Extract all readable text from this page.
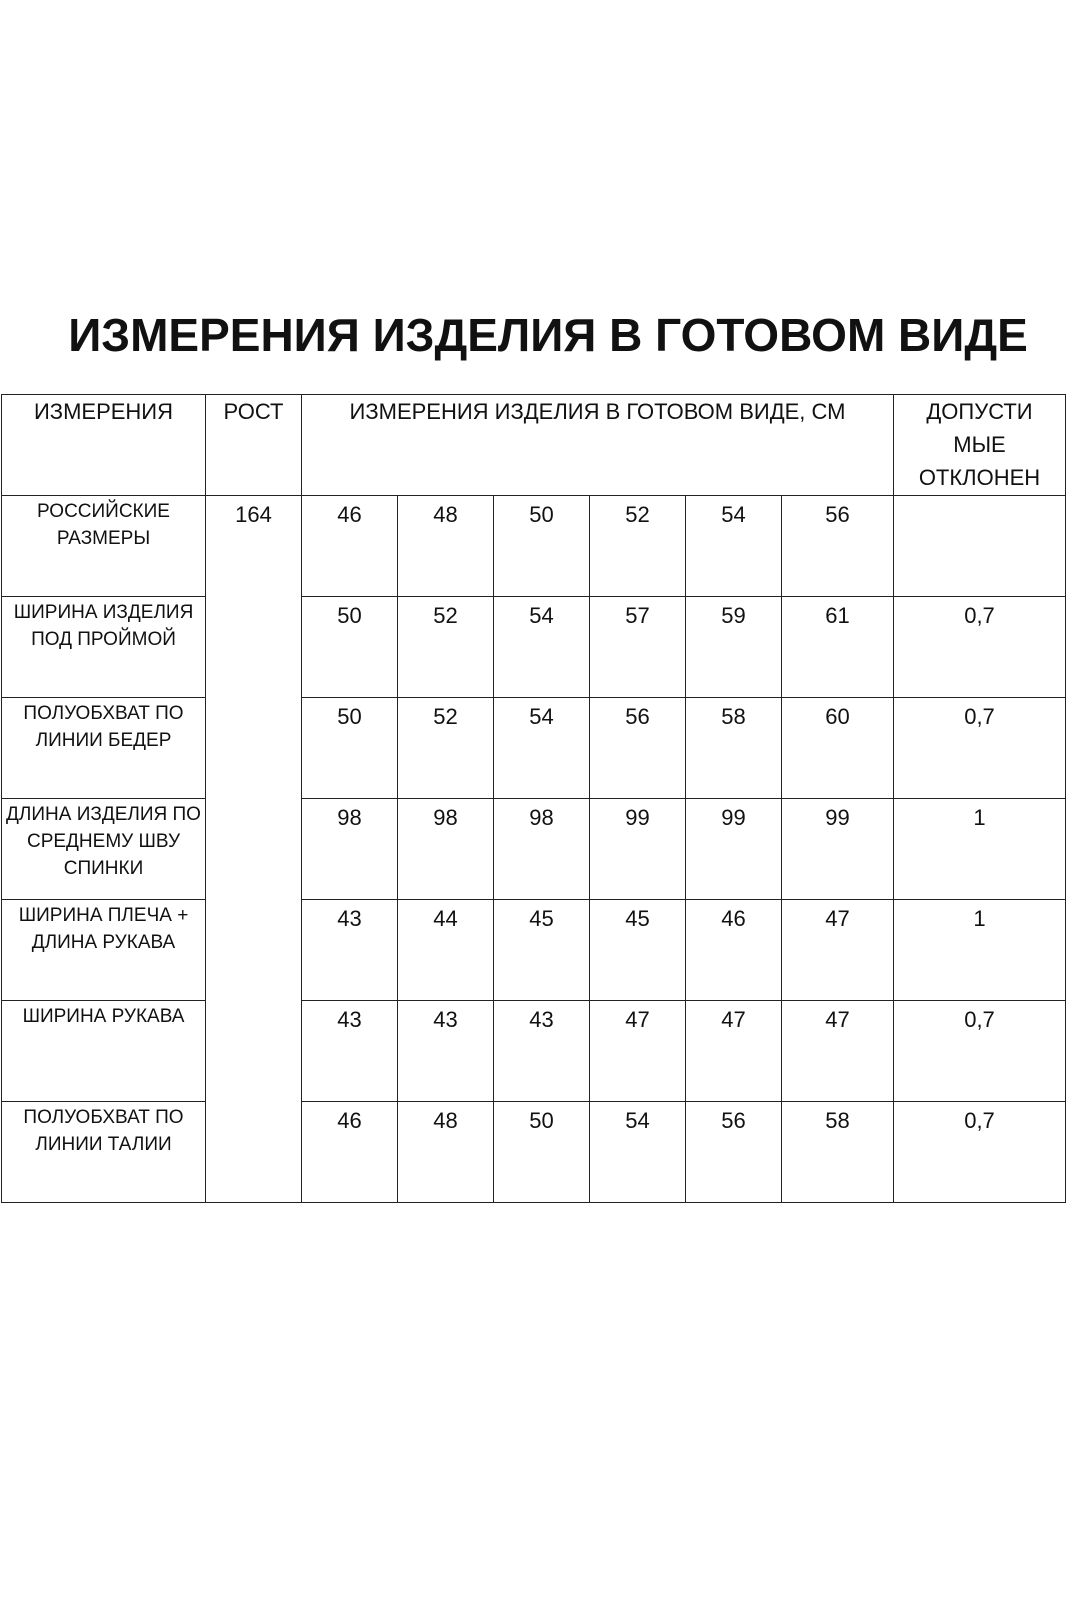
ИЗМЕРЕНИЯ ИЗДЕЛИЯ В ГОТОВОМ ВИДЕ
ИЗМЕРЕНИЯ	РОСТ	ИЗМЕРЕНИЯ ИЗДЕЛИЯ В ГОТОВОМ ВИДЕ, СМ						ДОПУСТИ МЫЕ ОТКЛОНЕН

РОССИЙСКИЕ РАЗМЕРЫ	164	46	48	50	52	54	56	

ШИРИНА ИЗДЕЛИЯ ПОД ПРОЙМОЙ		50	52	54	57	59	61	0,7

ПОЛУОБХВАТ ПО ЛИНИИ БЕДЕР		50	52	54	56	58	60	0,7

ДЛИНА ИЗДЕЛИЯ ПО СРЕДНЕМУ ШВУ СПИНКИ		98	98	98	99	99	99	1

ШИРИНА ПЛЕЧА + ДЛИНА РУКАВА		43	44	45	45	46	47	1

ШИРИНА РУКАВА		43	43	43	47	47	47	0,7

ПОЛУОБХВАТ ПО ЛИНИИ ТАЛИИ		46	48	50	54	56	58	0,7
